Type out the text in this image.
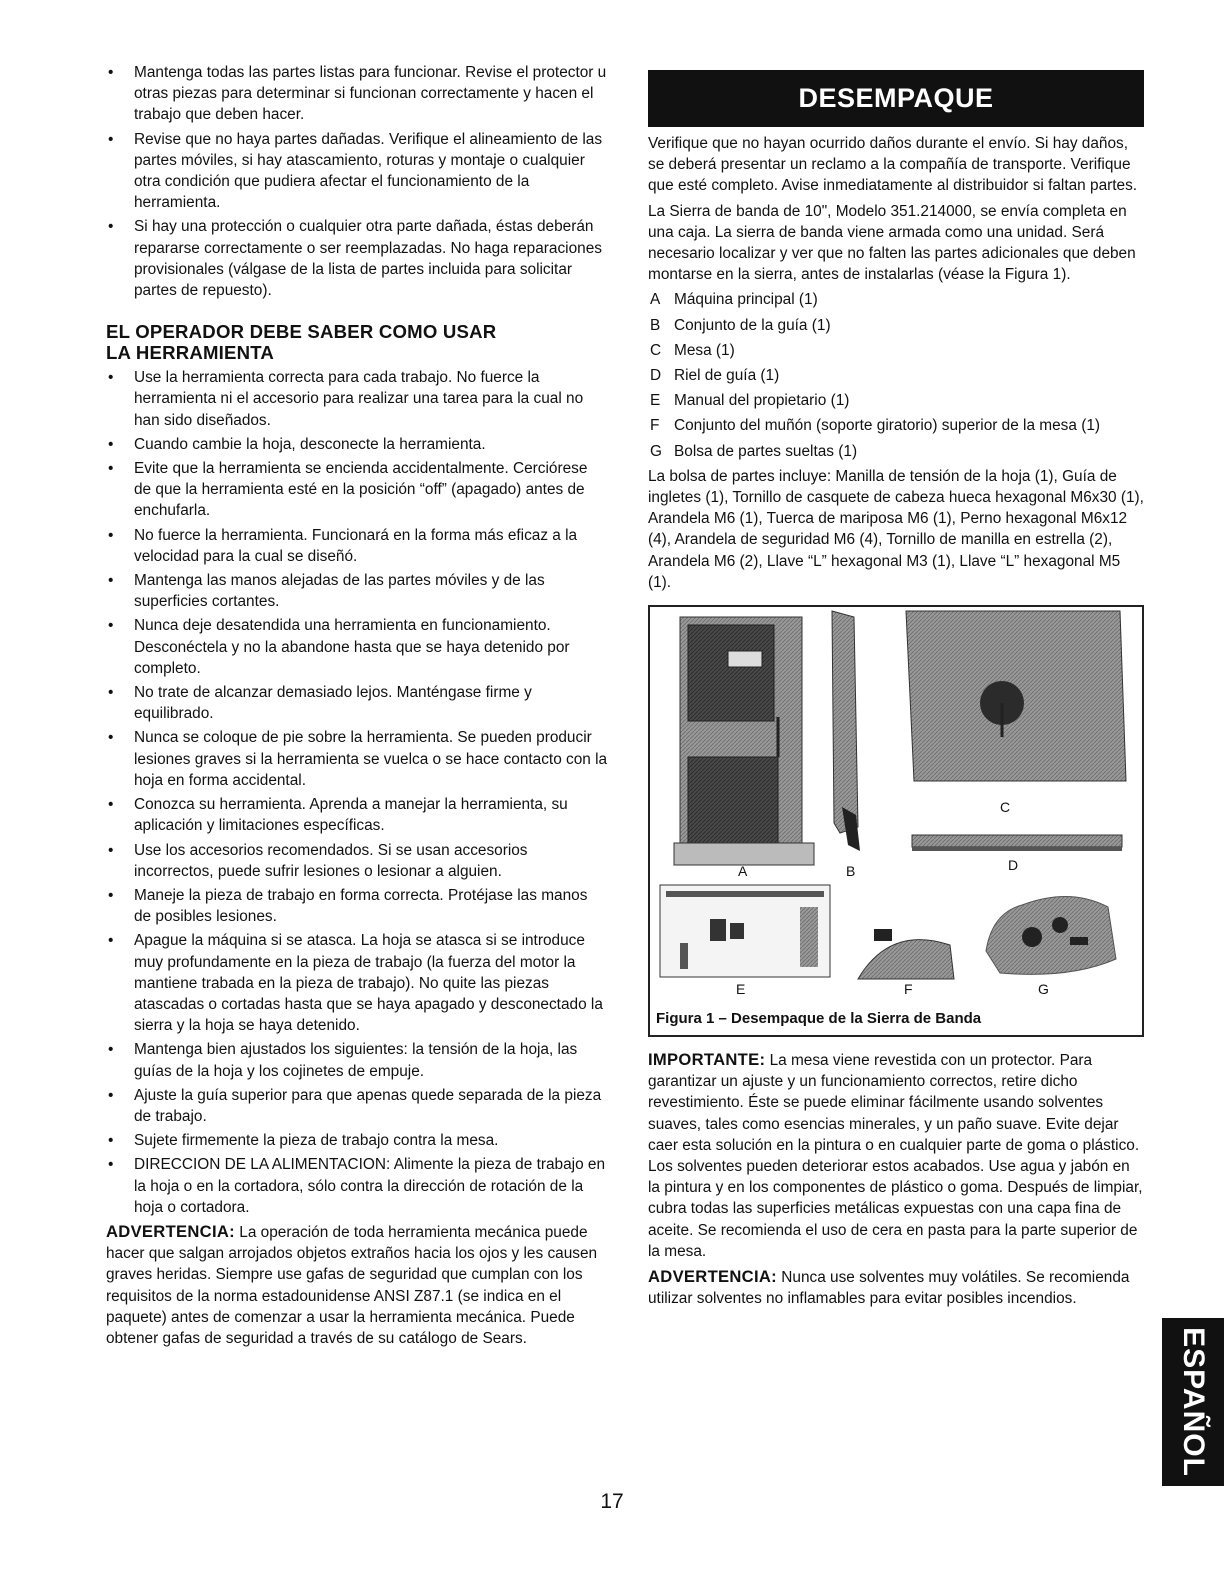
• Mantenga todas las partes listas para funcionar. Revise el protector u otras piezas para determinar si funcionan correctamente y hacen el trabajo que deben hacer.
• Revise que no haya partes dañadas. Verifique el alineamiento de las partes móviles, si hay atascamiento, roturas y montaje o cualquier otra condición que pudiera afectar el funcionamiento de la herramienta.
• Si hay una protección o cualquier otra parte dañada, éstas deberán repararse correctamente o ser reemplazadas. No haga reparaciones provisionales (válgase de la lista de partes incluida para solicitar partes de repuesto).
EL OPERADOR DEBE SABER COMO USAR
LA HERRAMIENTA
• Use la herramienta correcta para cada trabajo. No fuerce la herramienta ni el accesorio para realizar una tarea para la cual no han sido diseñados.
• Cuando cambie la hoja, desconecte la herramienta.
• Evite que la herramienta se encienda accidentalmente. Cerciórese de que la herramienta esté en la posición “off” (apagado) antes de enchufarla.
• No fuerce la herramienta. Funcionará en la forma más eficaz a la velocidad para la cual se diseñó.
• Mantenga las manos alejadas de las partes móviles y de las superficies cortantes.
• Nunca deje desatendida una herramienta en funcionamiento. Desconéctela y no la abandone hasta que se haya detenido por completo.
• No trate de alcanzar demasiado lejos. Manténgase firme y equilibrado.
• Nunca se coloque de pie sobre la herramienta. Se pueden producir lesiones graves si la herramienta se vuelca o se hace contacto con la hoja en forma accidental.
• Conozca su herramienta. Aprenda a manejar la herramienta, su aplicación y limitaciones específicas.
• Use los accesorios recomendados. Si se usan accesorios incorrectos, puede sufrir lesiones o lesionar a alguien.
• Maneje la pieza de trabajo en forma correcta. Protéjase las manos de posibles lesiones.
• Apague la máquina si se atasca. La hoja se atasca si se introduce muy profundamente en la pieza de trabajo (la fuerza del motor la mantiene trabada en la pieza de trabajo). No quite las piezas atascadas o cortadas hasta que se haya apagado y desconectado la sierra y la hoja se haya detenido.
• Mantenga bien ajustados los siguientes: la tensión de la hoja, las guías de la hoja y los cojinetes de empuje.
• Ajuste la guía superior para que apenas quede separada de la pieza de trabajo.
• Sujete firmemente la pieza de trabajo contra la mesa.
• DIRECCION DE LA ALIMENTACION: Alimente la pieza de trabajo en la hoja o en la cortadora, sólo contra la dirección de rotación de la hoja o cortadora.

ADVERTENCIA: La operación de toda herramienta mecánica puede hacer que salgan arrojados objetos extraños hacia los ojos y les causen graves heridas. Siempre use gafas de seguridad que cumplan con los requisitos de la norma estadounidense ANSI Z87.1 (se indica en el paquete) antes de comenzar a usar la herramienta mecánica. Puede obtener gafas de seguridad a través de su catálogo de Sears.

DESEMPAQUE

Verifique que no hayan ocurrido daños durante el envío. Si hay daños, se deberá presentar un reclamo a la compañía de transporte. Verifique que esté completo. Avise inmediatamente al distribuidor si faltan partes.

La Sierra de banda de 10", Modelo 351.214000, se envía completa en una caja. La sierra de banda viene armada como una unidad. Será necesario localizar y ver que no falten las partes adicionales que deben montarse en la sierra, antes de instalarlas (véase la Figura 1).

A Máquina principal (1)
B Conjunto de la guía (1)
C Mesa (1)
D Riel de guía (1)
E Manual del propietario (1)
F Conjunto del muñón (soporte giratorio) superior de la mesa (1)
G Bolsa de partes sueltas (1)

La bolsa de partes incluye: Manilla de tensión de la hoja (1), Guía de ingletes (1), Tornillo de casquete de cabeza hueca hexagonal M6x30 (1), Arandela M6 (1), Tuerca de mariposa M6 (1), Perno hexagonal M6x12 (4), Arandela de seguridad M6 (4), Tornillo de manilla en estrella (2), Arandela M6 (2), Llave “L” hexagonal M3 (1), Llave “L” hexagonal M5 (1).

A	B
C
D
E	F	G
Figura 1 – Desempaque de la Sierra de Banda

IMPORTANTE: La mesa viene revestida con un protector. Para garantizar un ajuste y un funcionamiento correctos, retire dicho revestimiento. Éste se puede eliminar fácilmente usando solventes suaves, tales como esencias minerales, y un paño suave. Evite dejar caer esta solución en la pintura o en cualquier parte de goma o plástico. Los solventes pueden deteriorar estos acabados. Use agua y jabón en la pintura y en los componentes de plástico o goma. Después de limpiar, cubra todas las superficies metálicas expuestas con una capa fina de aceite. Se recomienda el uso de cera en pasta para la parte superior de la mesa.

ADVERTENCIA: Nunca use solventes muy volátiles. Se recomienda utilizar solventes no inflamables para evitar posibles incendios.

ESPAÑOL
17
